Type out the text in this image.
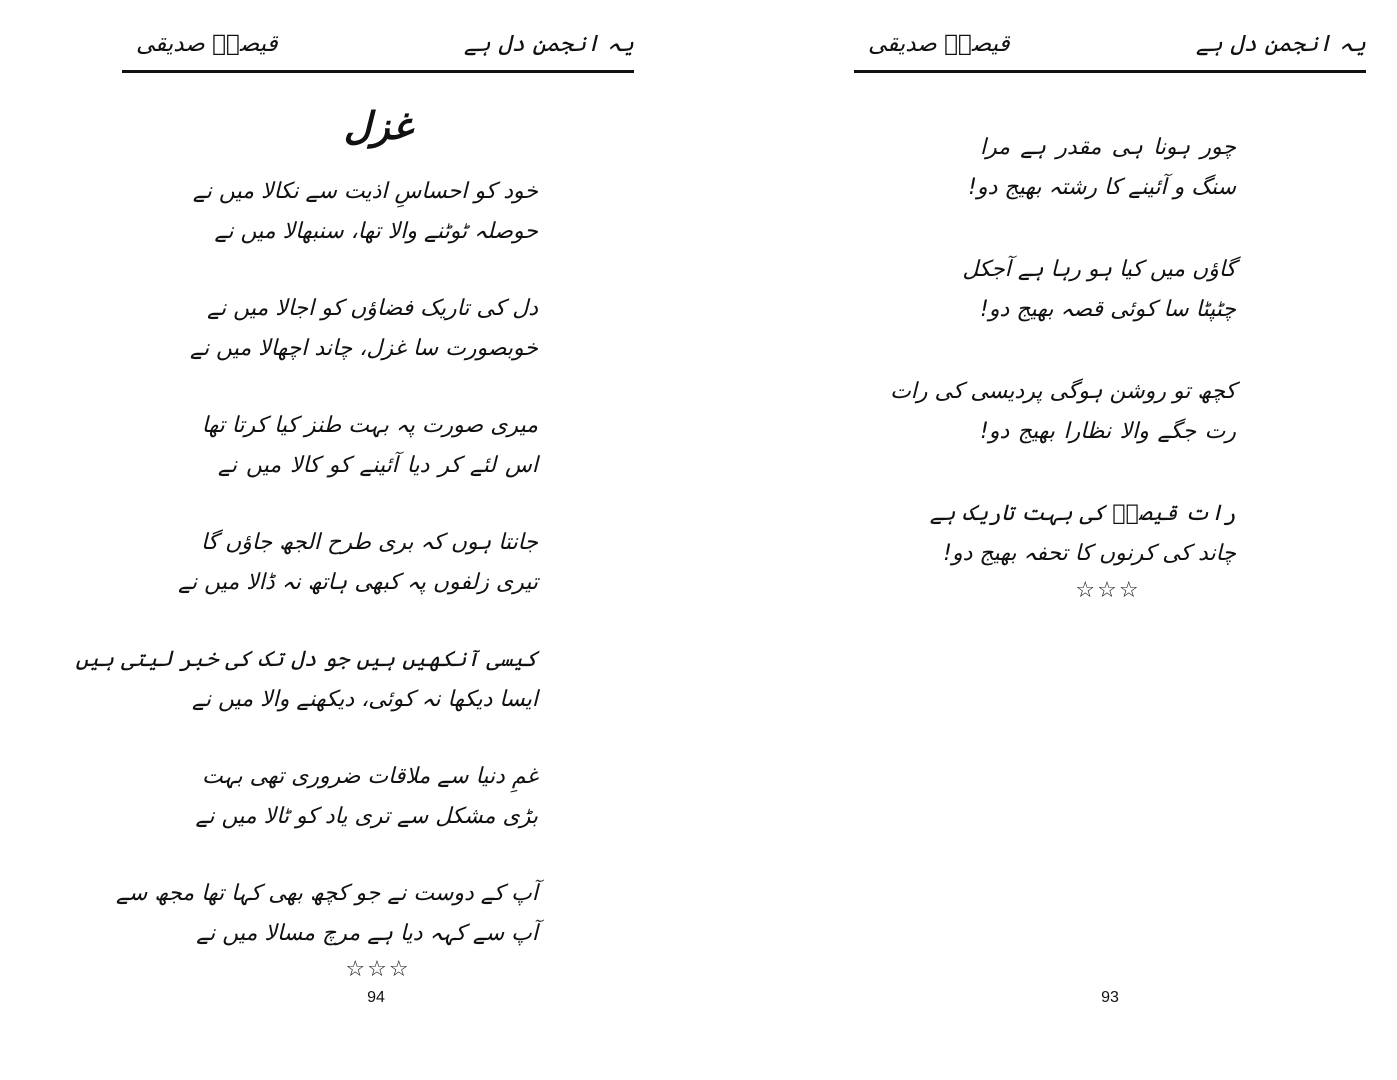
یہ انجمن دل ہے
قیصرؔ صدیقی
غزل
خود کو احساسِ اذیت سے نکالا میں نے
حوصلہ ٹوٹنے والا تھا، سنبھالا میں نے
دل کی تاریک فضاؤں کو اجالا میں نے
خوبصورت سا غزل، چاند اچھالا میں نے
میری صورت پہ بہت طنز کیا کرتا تھا
اس لئے کر دیا آئینے کو کالا میں نے
جانتا ہوں کہ بری طرح الجھ جاؤں گا
تیری زلفوں پہ کبھی ہاتھ نہ ڈالا میں نے
کیسی آنکھیں ہیں جو دل تک کی خبر لیتی ہیں
ایسا دیکھا نہ کوئی، دیکھنے والا میں نے
غمِ دنیا سے ملاقات ضروری تھی بہت
بڑی مشکل سے تری یاد کو ٹالا میں نے
آپ کے دوست نے جو کچھ بھی کہا تھا مجھ سے
آپ سے کہہ دیا ہے مرچ مسالا میں نے
☆☆☆
94
یہ انجمن دل ہے
قیصرؔ صدیقی
چور ہونا ہی مقدر ہے مرا
سنگ و آئینے کا رشتہ بھیج دو!
گاؤں میں کیا ہو رہا ہے آجکل
چٹپٹا سا کوئی قصہ بھیج دو!
کچھ تو روشن ہوگی پردیسی کی رات
رت جگے والا نظارا بھیج دو!
رات قیصرؔ کی بہت تاریک ہے
چاند کی کرنوں کا تحفہ بھیج دو!
☆☆☆
93
